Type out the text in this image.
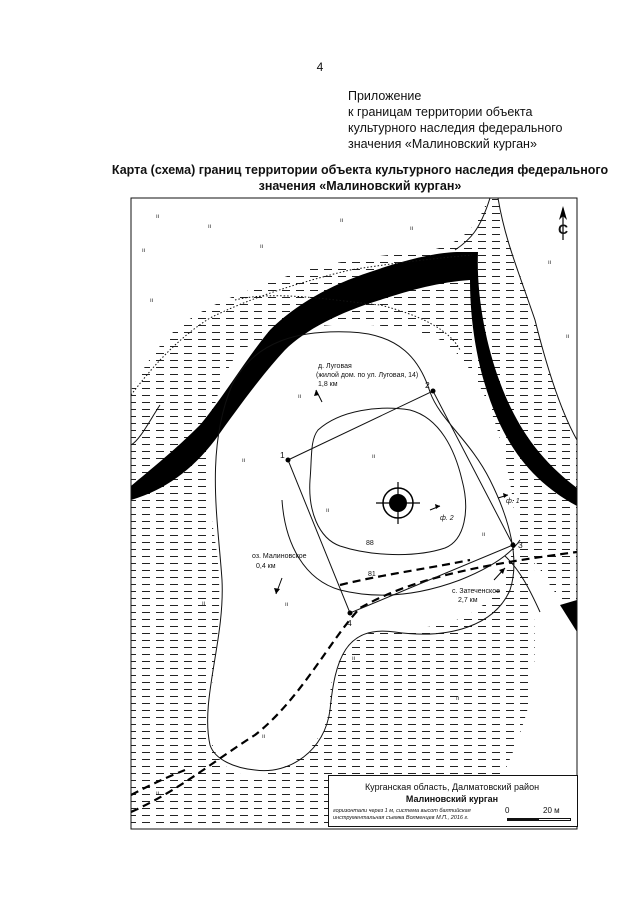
4
Приложение
к границам территории объекта
культурного наследия федерального
значения «Малиновский курган»
Карта (схема) границ территории объекта культурного наследия федерального
значения «Малиновский курган»
С
1
2
3
4
ф. 1
ф. 2
88
81
д. Луговая
(жилой дом. по ул. Луговая, 14)
1,8 км
оз. Малиновское
0,4 км
с. Затеченское
2,7 км
ıı
ıı
ıı
ıı
ıı
ıı
ıı
ıı
ıı
ıı
ıı
ıı
ıı
ıı
ıı
ıı
ıı
ıı
ıı
ıı
Курганская область, Далматовский район
Малиновский курган
горизонтали через 1 м, система высот балтийская
инструментальная съемка Волменцев М.П., 2016 г.
0	20 м
